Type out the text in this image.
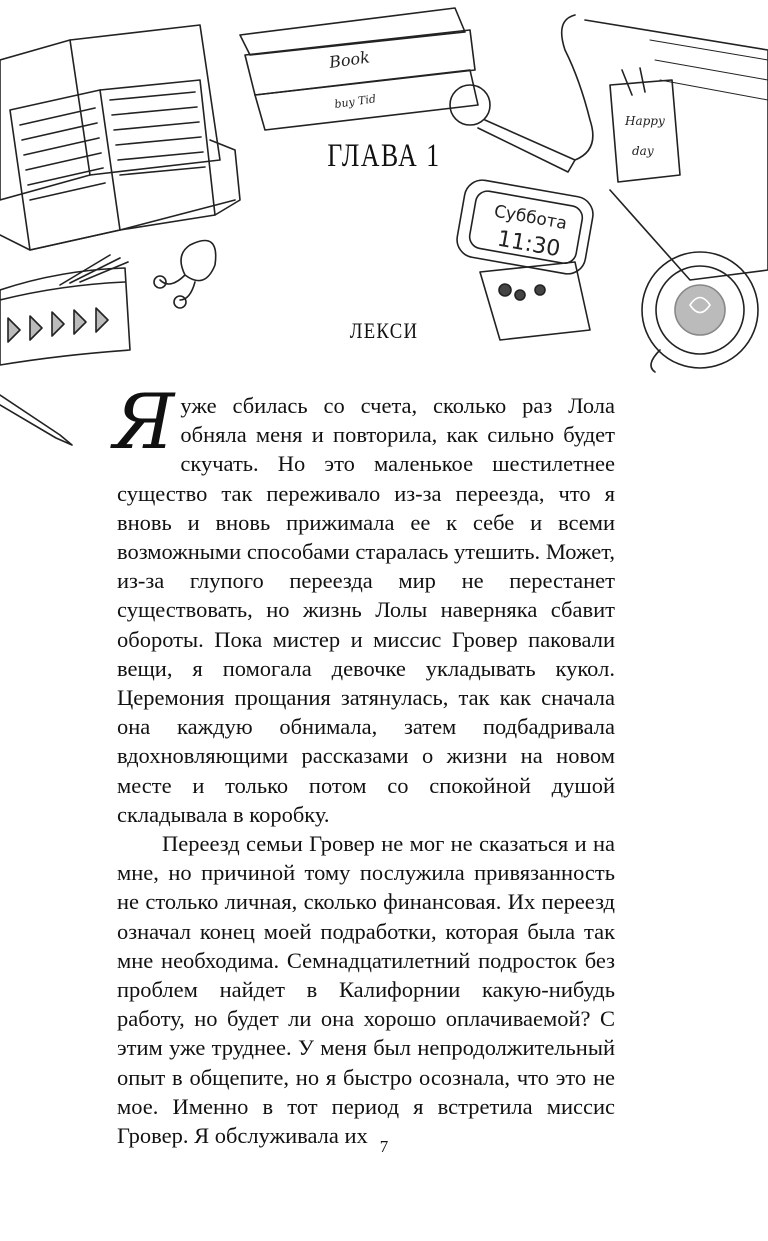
Book
buy Tid
Happy
day
Суббота
11:30
ГЛАВА 1
ЛЕКСИ

Яуже сбилась со счета, сколько раз Лола обняла меня и повторила, как сильно будет скучать. Но это маленькое шестилетнее существо так переживало из-за переезда, что я вновь и вновь прижимала ее к себе и всеми возможными способами старалась утешить. Может, из-за глупого переезда мир не перестанет существовать, но жизнь Лолы наверняка сбавит обороты. Пока мистер и миссис Гровер паковали вещи, я помогала девочке укладывать кукол. Церемония прощания затянулась, так как сначала она каждую обнимала, затем подбадривала вдохновляющими рассказами о жизни на новом месте и только потом со спокойной душой складывала в коробку.

Переезд семьи Гровер не мог не сказаться и на мне, но причиной тому послужила привязанность не столько личная, сколько финансовая. Их переезд означал конец моей подработки, которая была так мне необходима. Семнадцатилетний подросток без проблем найдет в Калифорнии какую-нибудь работу, но будет ли она хорошо оплачиваемой? С этим уже труднее. У меня был непродолжительный опыт в общепите, но я быстро осознала, что это не мое. Именно в тот период я встретила миссис Гровер. Я обслуживала их 7
